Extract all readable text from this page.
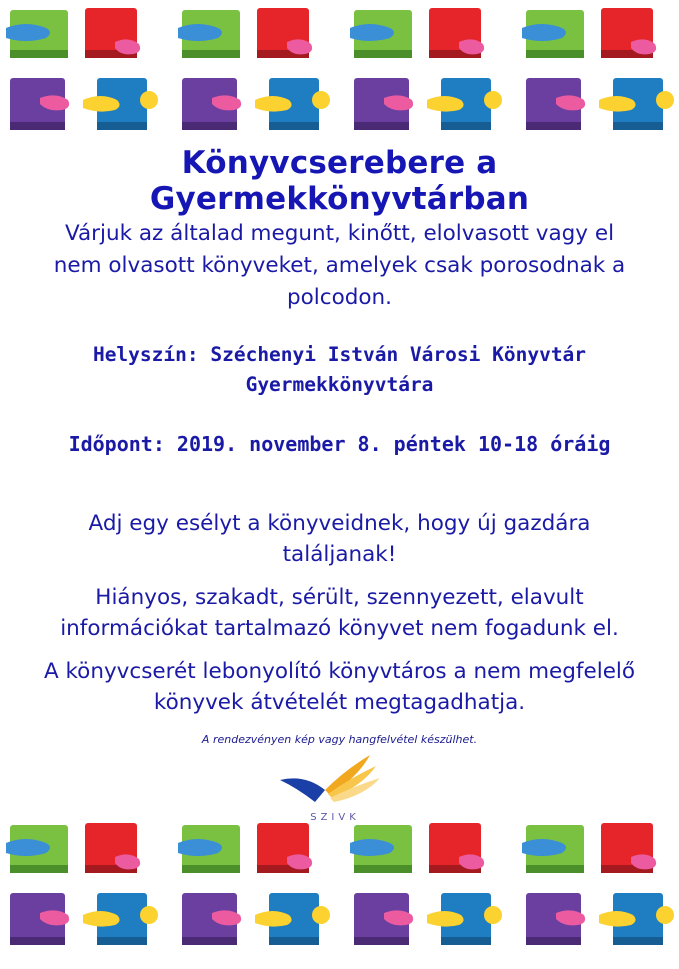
Könyvcserebere a Gyermekkönyvtárban
Várjuk az általad megunt, kinőtt, elolvasott vagy el nem olvasott könyveket, amelyek csak porosodnak a polcodon.
Helyszín: Széchenyi István Városi Könyvtár
Gyermekkönyvtára
Időpont: 2019. november 8. péntek 10-18 óráig
Adj egy esélyt a könyveidnek, hogy új gazdára találjanak!
Hiányos, szakadt, sérült, szennyezett, elavult információkat tartalmazó könyvet nem fogadunk el.
A könyvcserét lebonyolító könyvtáros a nem megfelelő könyvek átvételét megtagadhatja.
A rendezvényen kép vagy hangfelvétel készülhet.
SZIVK
